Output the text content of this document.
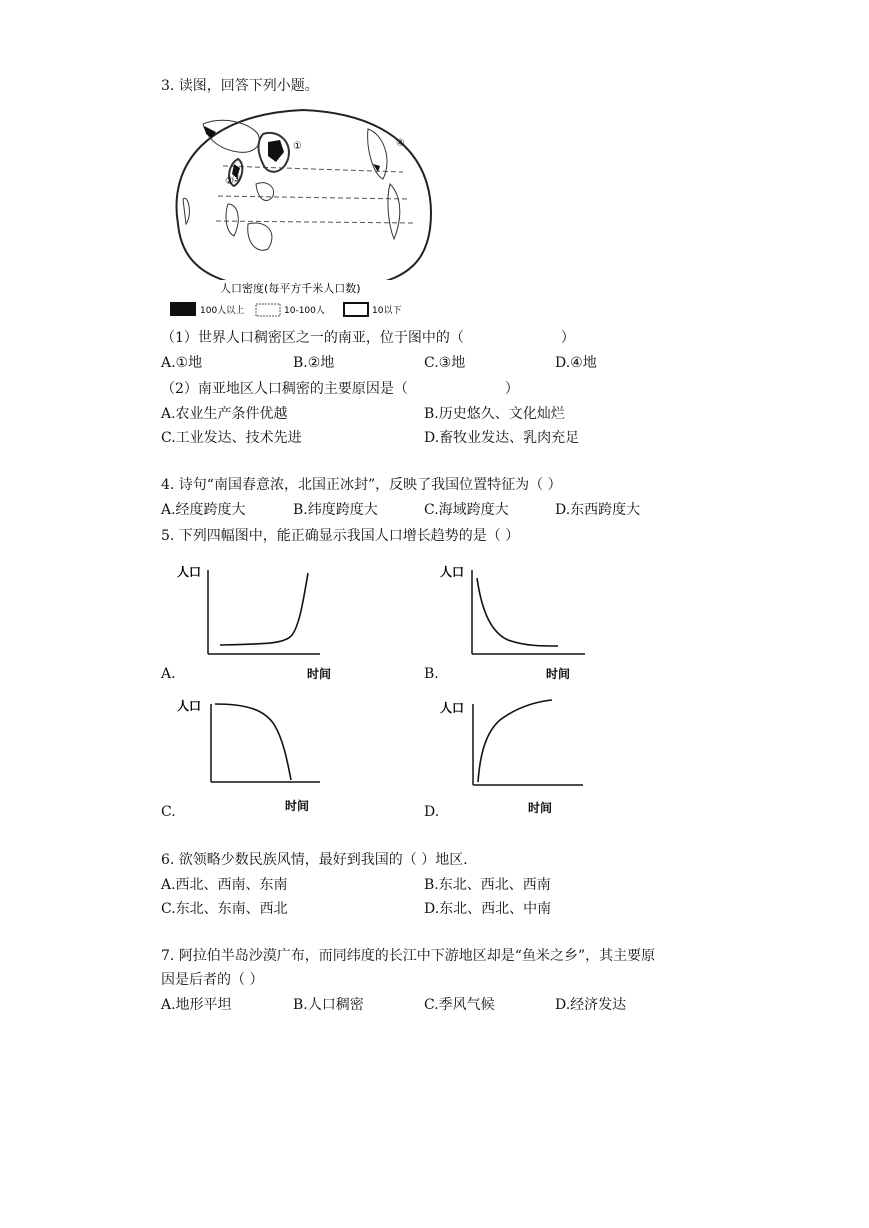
3. 读图，回答下列小题。
④
②
③
①
人口密度(每平方千米人口数)
100人以上	10-100人	10以下
（1）世界人口稠密区之一的南亚，位于图中的（	）
A.①地	B.②地	C.③地	D.④地
（2）南亚地区人口稠密的主要原因是（	）
A.农业生产条件优越	B.历史悠久、文化灿烂
C.工业发达、技术先进	D.畜牧业发达、乳肉充足
4. 诗句“南国春意浓，北国正冰封”，反映了我国位置特征为（ ）
A.经度跨度大	B.纬度跨度大	C.海域跨度大	D.东西跨度大
5. 下列四幅图中，能正确显示我国人口增长趋势的是（ ）
人口
时间
A.
人口
时间
B.
人口
时间
C.
人口
时间
D.
6. 欲领略少数民族风情，最好到我国的（ ）地区．
A.西北、西南、东南	B.东北、西北、西南
C.东北、东南、西北	D.东北、西北、中南
7. 阿拉伯半岛沙漠广布，而同纬度的长江中下游地区却是“鱼米之乡”，其主要原
因是后者的（ ）
A.地形平坦	B.人口稠密	C.季风气候	D.经济发达
